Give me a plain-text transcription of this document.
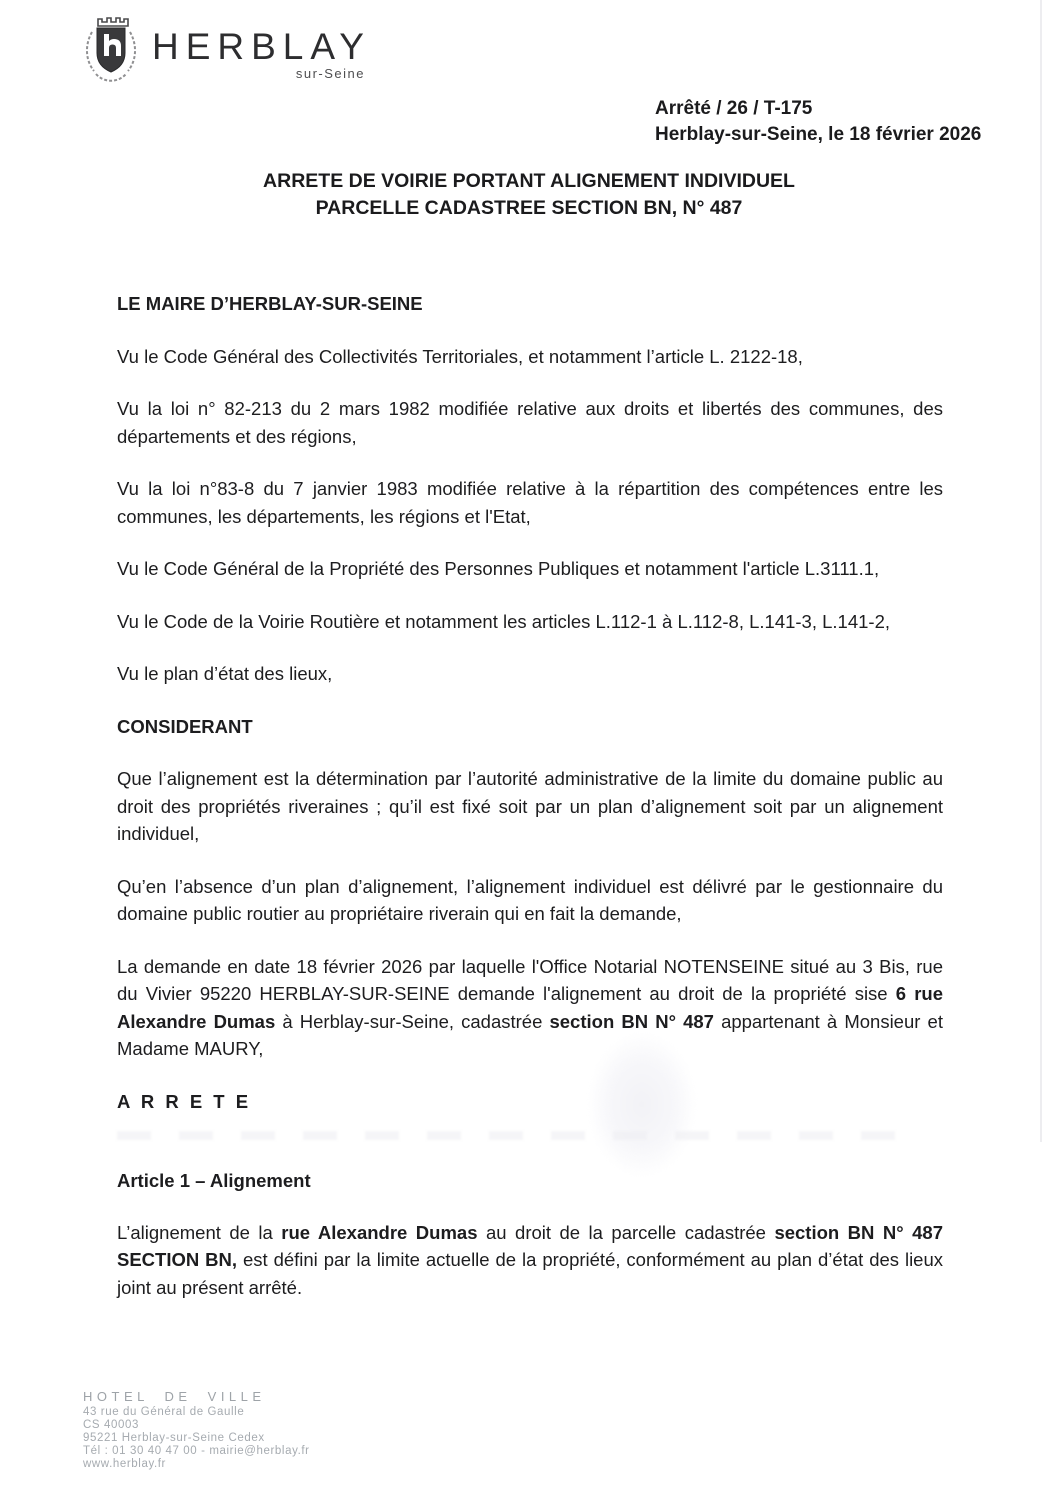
HERBLAY
sur-Seine
Arrêté / 26 / T-175
Herblay-sur-Seine, le 18 février 2026
ARRETE DE VOIRIE PORTANT ALIGNEMENT INDIVIDUEL
PARCELLE CADASTREE SECTION BN, N° 487

LE MAIRE D’HERBLAY-SUR-SEINE

Vu le Code Général des Collectivités Territoriales, et notamment l’article L. 2122-18,

Vu la loi n° 82-213 du 2 mars 1982 modifiée relative aux droits et libertés des communes, des départements et des régions,

Vu la loi n°83-8 du 7 janvier 1983 modifiée relative à la répartition des compétences entre les communes, les départements, les régions et l'Etat,

Vu le Code Général de la Propriété des Personnes Publiques et notamment l'article L.3111.1,

Vu le Code de la Voirie Routière et notamment les articles L.112-1 à L.112-8, L.141-3, L.141-2,

Vu le plan d’état des lieux,

CONSIDERANT

Que l’alignement est la détermination par l’autorité administrative de la limite du domaine public au droit des propriétés riveraines ; qu’il est fixé soit par un plan d’alignement soit par un alignement individuel,

Qu’en l’absence d’un plan d’alignement, l’alignement individuel est délivré par le gestionnaire du domaine public routier au propriétaire riverain qui en fait la demande,

La demande en date 18 février 2026 par laquelle l'Office Notarial NOTENSEINE situé au 3 Bis, rue du Vivier 95220 HERBLAY-SUR-SEINE demande l'alignement au droit de la propriété sise 6 rue Alexandre Dumas à Herblay-sur-Seine, cadastrée section BN N° 487 appartenant à Monsieur et Madame MAURY,

A R R E T E

Article 1 – Alignement

L’alignement de la rue Alexandre Dumas au droit de la parcelle cadastrée section BN N° 487 SECTION BN, est défini par la limite actuelle de la propriété, conformément au plan d’état des lieux joint au présent arrêté.

HOTEL DE VILLE
43 rue du Général de Gaulle
CS 40003
95221 Herblay-sur-Seine Cedex
Tél : 01 30 40 47 00 - mairie@herblay.fr
www.herblay.fr
